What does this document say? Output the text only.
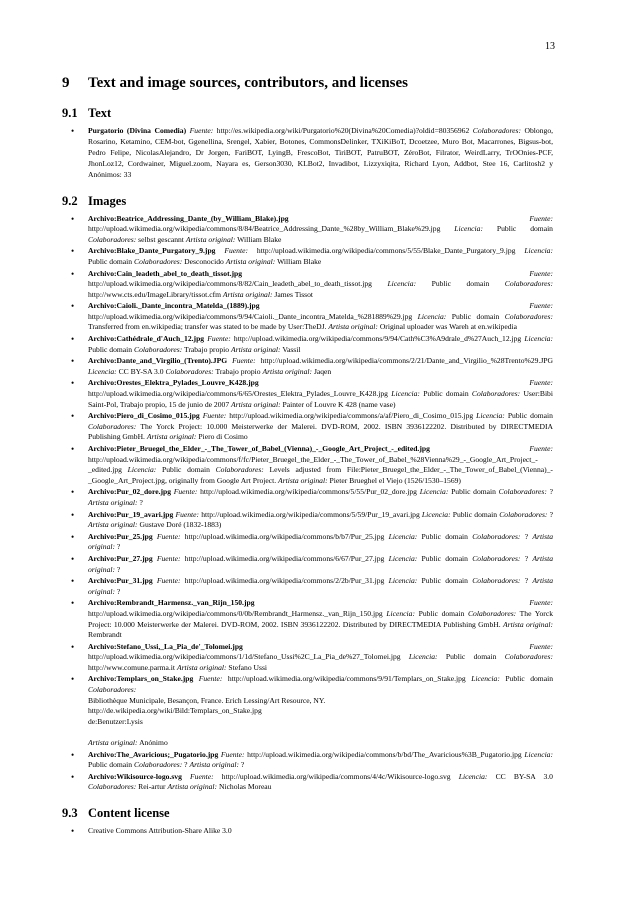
13
9 Text and image sources, contributors, and licenses
9.1 Text
• Purgatorio (Divina Comedia) Fuente: http://es.wikipedia.org/wiki/Purgatorio%20(Divina%20Comedia)?oldid=80356962 Colaboradores: Oblongo, Rosarino, Ketamino, CEM-bot, Ggenellina, Srengel, Xabier, Botones, CommonsDelinker, TXiKiBoT, Dcoetzee, Muro Bot, Macarrones, Bigsus-bot, Pedro Felipe, NicolasAlejandro, Dr Jorgen, FariBOT, LyingB, FrescoBot, TiriBOT, PatruBOT, ZéroBot, Filrator, WeirdLarry, TrOOnies-PCF, JhonLoz12, Cordwainer, Miguel.zoom, Nayara es, Gerson3030, KLBot2, Invadibot, Lizzyxiqita, Richard Lyon, Addbot, Stee 16, Carlitosh2 y Anónimos: 33
9.2 Images
• Archivo:Beatrice_Addressing_Dante_(by_William_Blake).jpg	Fuente: http://upload.wikimedia.org/wikipedia/commons/8/84/Beatrice_Addressing_Dante_%28by_William_Blake%29.jpg Licencia: Public domain Colaboradores: selbst gescannt Artista original: William Blake
• Archivo:Blake_Dante_Purgatory_9.jpg Fuente: http://upload.wikimedia.org/wikipedia/commons/5/55/Blake_Dante_Purgatory_9.jpg Licencia: Public domain Colaboradores: Desconocido Artista original: William Blake
• Archivo:Cain_leadeth_abel_to_death_tissot.jpg	Fuente: http://upload.wikimedia.org/wikipedia/commons/8/82/Cain_leadeth_abel_to_death_tissot.jpg Licencia: Public domain Colaboradores: http://www.cts.edu/ImageLibrary/tissot.cfm Artista original: James Tissot
• Archivo:Caioli._Dante_incontra_Matelda_(1889).jpg	Fuente: http://upload.wikimedia.org/wikipedia/commons/9/94/Caioli._Dante_incontra_Matelda_%281889%29.jpg Licencia: Public domain Colaboradores: Transferred from en.wikipedia; transfer was stated to be made by User:TheDJ. Artista original: Original uploader was Wareh at en.wikipedia
• Archivo:Cathédrale_d'Auch_12.jpg Fuente: http://upload.wikimedia.org/wikipedia/commons/9/94/Cath%C3%A9drale_d%27Auch_12.jpg Licencia: Public domain Colaboradores: Trabajo propio Artista original: Vassil
• Archivo:Dante_and_Virgilio_(Trento).JPG Fuente: http://upload.wikimedia.org/wikipedia/commons/2/21/Dante_and_Virgilio_%28Trento%29.JPG Licencia: CC BY-SA 3.0 Colaboradores: Trabajo propio Artista original: Jaqen
• Archivo:Orestes_Elektra_Pylades_Louvre_K428.jpg	Fuente: http://upload.wikimedia.org/wikipedia/commons/6/65/Orestes_Elektra_Pylades_Louvre_K428.jpg Licencia: Public domain Colaboradores: User:Bibi Saint-Pol, Trabajo propio, 15 de junio de 2007 Artista original: Painter of Louvre K 428 (name vase)
• Archivo:Piero_di_Cosimo_015.jpg Fuente: http://upload.wikimedia.org/wikipedia/commons/a/af/Piero_di_Cosimo_015.jpg Licencia: Public domain Colaboradores: The Yorck Project: 10.000 Meisterwerke der Malerei. DVD-ROM, 2002. ISBN 3936122202. Distributed by DIRECTMEDIA Publishing GmbH. Artista original: Piero di Cosimo
• Archivo:Pieter_Bruegel_the_Elder_-_The_Tower_of_Babel_(Vienna)_-_Google_Art_Project_-_edited.jpg	Fuente: http://upload.wikimedia.org/wikipedia/commons/f/fc/Pieter_Bruegel_the_Elder_-_The_Tower_of_Babel_%28Vienna%29_-_Google_Art_Project_-_edited.jpg Licencia: Public domain Colaboradores: Levels adjusted from File:Pieter_Bruegel_the_Elder_-_The_Tower_of_Babel_(Vienna)_-_Google_Art_Project.jpg, originally from Google Art Project. Artista original: Pieter Brueghel el Viejo (1526/1530–1569)
• Archivo:Pur_02_dore.jpg Fuente: http://upload.wikimedia.org/wikipedia/commons/5/55/Pur_02_dore.jpg Licencia: Public domain Colaboradores: ? Artista original: ?
• Archivo:Pur_19_avari.jpg Fuente: http://upload.wikimedia.org/wikipedia/commons/5/59/Pur_19_avari.jpg Licencia: Public domain Colaboradores: ? Artista original: Gustave Doré (1832-1883)
• Archivo:Pur_25.jpg Fuente: http://upload.wikimedia.org/wikipedia/commons/b/b7/Pur_25.jpg Licencia: Public domain Colaboradores: ? Artista original: ?
• Archivo:Pur_27.jpg Fuente: http://upload.wikimedia.org/wikipedia/commons/6/67/Pur_27.jpg Licencia: Public domain Colaboradores: ? Artista original: ?
• Archivo:Pur_31.jpg Fuente: http://upload.wikimedia.org/wikipedia/commons/2/2b/Pur_31.jpg Licencia: Public domain Colaboradores: ? Artista original: ?
• Archivo:Rembrandt_Harmensz._van_Rijn_150.jpg	Fuente: http://upload.wikimedia.org/wikipedia/commons/0/0b/Rembrandt_Harmensz._van_Rijn_150.jpg Licencia: Public domain Colaboradores: The Yorck Project: 10.000 Meisterwerke der Malerei. DVD-ROM, 2002. ISBN 3936122202. Distributed by DIRECTMEDIA Publishing GmbH. Artista original: Rembrandt
• Archivo:Stefano_Ussi,_La_Pia_de'_Tolomei.jpg	Fuente: http://upload.wikimedia.org/wikipedia/commons/1/1d/Stefano_Ussi%2C_La_Pia_de%27_Tolomei.jpg Licencia: Public domain Colaboradores: http://www.comune.parma.it Artista original: Stefano Ussi
• Archivo:Templars_on_Stake.jpg Fuente: http://upload.wikimedia.org/wikipedia/commons/9/91/Templars_on_Stake.jpg Licencia: Public domain Colaboradores:
Bibliothèque Municipale, Besançon, France. Erich Lessing/Art Resource, NY.
http://de.wikipedia.org/wiki/Bild:Templars_on_Stake.jpg
de:Benutzer:Lysis
Artista original: Anónimo
• Archivo:The_Avaricious;_Pugatorio.jpg Fuente: http://upload.wikimedia.org/wikipedia/commons/b/bd/The_Avaricious%3B_Pugatorio.jpg Licencia: Public domain Colaboradores: ? Artista original: ?
• Archivo:Wikisource-logo.svg Fuente: http://upload.wikimedia.org/wikipedia/commons/4/4c/Wikisource-logo.svg Licencia: CC BY-SA 3.0 Colaboradores: Rei-artur Artista original: Nicholas Moreau
9.3 Content license
• Creative Commons Attribution-Share Alike 3.0
